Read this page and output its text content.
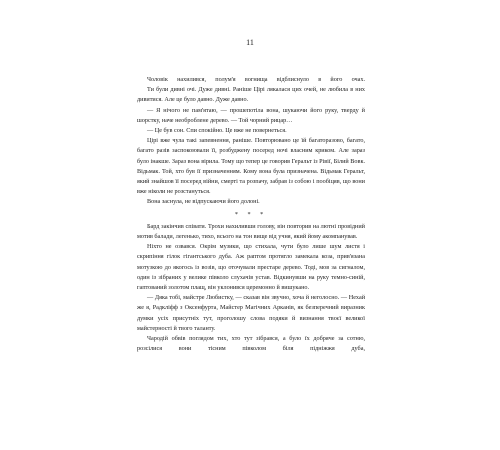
11

Чоловік нахилився, полум'я вогнища відблиснуло в його очах.

Ти були дивні очі. Дуже дивні. Раніше Цірі лякалася цих очей, не любила в них дивитися. Але це було давно. Дуже давно.

— Я нічого не пам'ятаю, — прошепотіла вона, шукаючи його руку, тверду й шорстку, наче необроблене дерево. — Той чорний рицар…

— Це був сон. Спи спокійно. Це вже не повернеться.

Цірі вже чула такі запевнення, раніше. Повторювано це їй багаторазово, багато, багато разів заспокоювали її, розбуджену посеред ночі власним криком. Але зараз було інакше. Зараз вона вірила. Тому що тепер це говорив Геральт із Рівії, Білий Вовк. Відьмак. Той, хто був її призначенням. Кому вона була призначена. Відьмак Геральт, який знайшов її посеред війни, смерті та розпачу, забрав із собою і пообіцяв, що вони вже ніколи не розстануться.

Вона заснула, не відпускаючи його долоні.

* * *

Бард закінчив співати. Трохи нахиливши голову, він повторив на лютні провідний мотив балади, легенько, тихо, всього на тон вище від учня, який йому акомпанував.

Ніхто не озвався. Окрім музики, що стихала, чути було лише шум листя і скрипіння гілок гігантського дуба. Аж раптом протягло замекала коза, прив'язана мотузкою до якогось із возів, що оточували престаре дерево. Тоді, мов за сигналом, один із зібраних у велике півколо слухачів устав. Відкинувши на руку темно-синій, гаптований золотом плащ, він уклонився церемонно й вишукано.

— Дяка тобі, майстре Любистку, — сказав він звучно, хоча й неголосно. — Нехай же я, Радкліфф з Оксенфурта, Майстер Магічних Арканів, як безперечний виразник думки усіх присутніх тут, проголошу слова подяки й визнання твоєї великої майстерності й твого таланту.

Чародій обвів поглядом тих, хто тут зібрався, а було їх добряче за сотню, розсілися вони тісним півколом біля підніжжя дуба,
